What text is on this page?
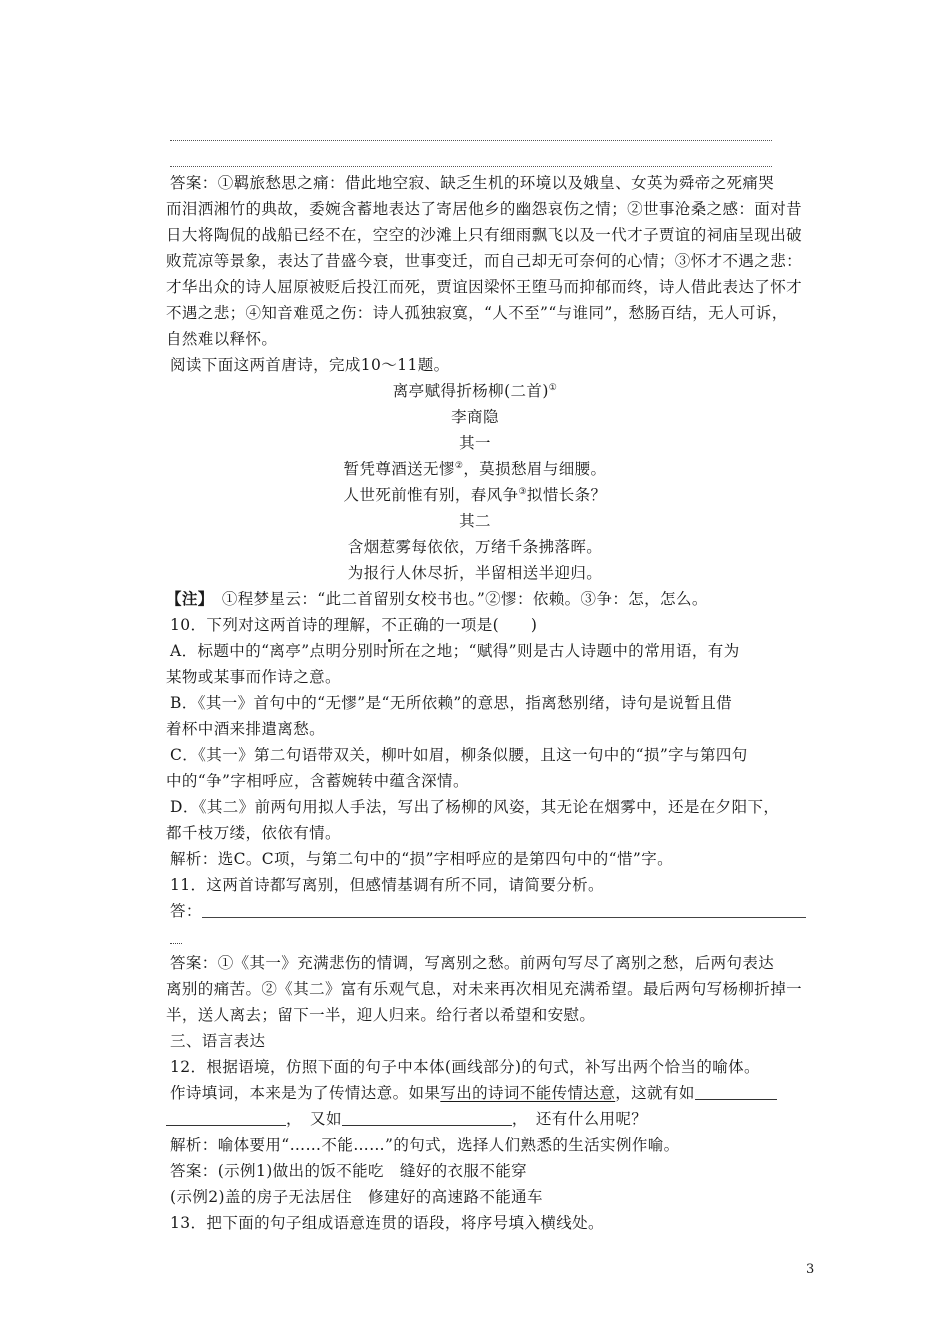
答案：①羁旅愁思之痛：借此地空寂、缺乏生机的环境以及娥皇、女英为舜帝之死痛哭
而泪洒湘竹的典故，委婉含蓄地表达了寄居他乡的幽怨哀伤之情；②世事沧桑之感：面对昔
日大将陶侃的战船已经不在，空空的沙滩上只有细雨飘飞以及一代才子贾谊的祠庙呈现出破
败荒凉等景象，表达了昔盛今衰，世事变迁，而自己却无可奈何的心情；③怀才不遇之悲：
才华出众的诗人屈原被贬后投江而死，贾谊因梁怀王堕马而抑郁而终，诗人借此表达了怀才
不遇之悲；④知音难觅之伤：诗人孤独寂寞，“人不至”“与谁同”，愁肠百结，无人可诉，
自然难以释怀。
阅读下面这两首唐诗，完成10～11题。
离亭赋得折杨柳(二首)①
李商隐
其一
暂凭尊酒送无憀②，莫损愁眉与细腰。
人世死前惟有别，春风争③拟惜长条？
其二
含烟惹雾每依依，万绪千条拂落晖。
为报行人休尽折，半留相送半迎归。
【注】　 ①程梦星云：“此二首留别女校书也。”②憀：依赖。③争：怎，怎么。
10．下列对这两首诗的理解，不正确的一项是(　　)
A．标题中的“离亭”点明分别时所在之地；“赋得”则是古人诗题中的常用语，有为
某物或某事而作诗之意。
B．《其一》首句中的“无憀”是“无所依赖”的意思，指离愁别绪，诗句是说暂且借
着杯中酒来排遣离愁。
C．《其一》第二句语带双关，柳叶如眉，柳条似腰，且这一句中的“损”字与第四句
中的“争”字相呼应，含蓄婉转中蕴含深情。
D．《其二》前两句用拟人手法，写出了杨柳的风姿，其无论在烟雾中，还是在夕阳下，
都千枝万缕，依依有情。
解析：选C。C项，与第二句中的“损”字相呼应的是第四句中的“惜”字。
11．这两首诗都写离别，但感情基调有所不同，请简要分析。
答：
答案：①《其一》充满悲伤的情调，写离别之愁。前两句写尽了离别之愁，后两句表达
离别的痛苦。②《其二》富有乐观气息，对未来再次相见充满希望。最后两句写杨柳折掉一
半，送人离去；留下一半，迎人归来。给行者以希望和安慰。
三、语言表达
12．根据语境，仿照下面的句子中本体(画线部分)的句式，补写出两个恰当的喻体。
作诗填词，本来是为了传情达意。如果写出的诗词不能传情达意，这就有如
，　又如	，　还有什么用呢？
解析：喻体要用“……不能……”的句式，选择人们熟悉的生活实例作喻。
答案：(示例1)做出的饭不能吃　缝好的衣服不能穿
(示例2)盖的房子无法居住　修建好的高速路不能通车
13．把下面的句子组成语意连贯的语段，将序号填入横线处。
3
